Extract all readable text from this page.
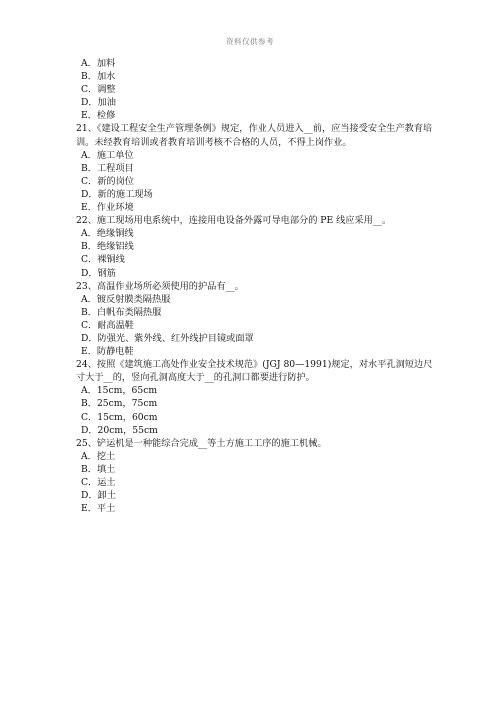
资料仅供参考
A．加料
B．加水
C．调整
D．加油
E．检修
21、《建设工程安全生产管理条例》规定，作业人员进入__前，应当接受安全生产教育培训。未经教育培训或者教育培训考核不合格的人员，不得上岗作业。
A．施工单位
B．工程项目
C．新的岗位
D．新的施工现场
E．作业环境
22、施工现场用电系统中，连接用电设备外露可导电部分的 PE 线应采用__。
A．绝缘铜线
B．绝缘铝线
C．裸铜线
D．钢筋
23、高温作业场所必须使用的护品有__。
A．镀反射膜类隔热服
B．白帆布类隔热服
C．耐高温鞋
D．防强光、紫外线、红外线护目镜或面罩
E．防静电鞋
24、按照《建筑施工高处作业安全技术规范》(JGJ 80—1991)规定，对水平孔洞短边尺寸大于__的，竖向孔洞高度大于__的孔洞口都要进行防护。
A．15cm，65cm
B．25cm，75cm
C．15cm，60cm
D．20cm，55cm
25、铲运机是一种能综合完成__等土方施工工序的施工机械。
A．挖土
B．填土
C．运土
D．卸土
E．平土
